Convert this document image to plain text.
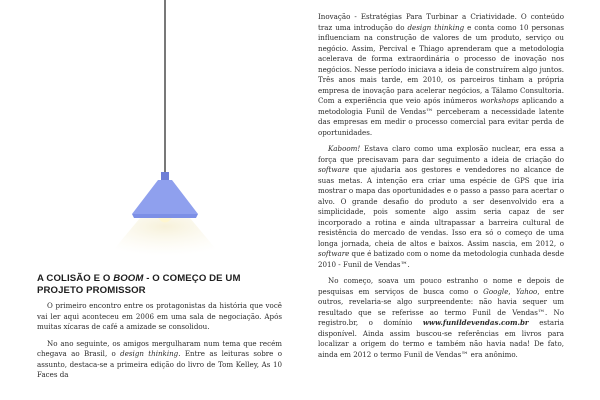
A COLISÃO E O BOOM - O COMEÇO DE UM PROJETO PROMISSOR

O primeiro encontro entre os protagonistas da história que você vai ler aqui aconteceu em 2006 em uma sala de negociação. Após muitas xícaras de café a amizade se consolidou.

No ano seguinte, os amigos mergulharam num tema que recém chegava ao Brasil, o design thinking. Entre as leituras sobre o assunto, destaca-se a primeira edição do livro de Tom Kelley, As 10 Faces da

Inovação - Estratégias Para Turbinar a Criatividade. O conteúdo traz uma introdução do design thinking e conta como 10 personas influenciam na construção de valores de um produto, serviço ou negócio. Assim, Percival e Thiago aprenderam que a metodologia acelerava de forma extraordinária o processo de inovação nos negócios. Nesse período iniciava a ideia de construírem algo juntos. Três anos mais tarde, em 2010, os parceiros tinham a própria empresa de inovação para acelerar negócios, a Tálamo Consultoria. Com a experiência que veio após inúmeros workshops aplicando a metodologia Funil de Vendas™ perceberam a necessidade latente das empresas em medir o processo comercial para evitar perda de oportunidades.

Kaboom! Estava claro como uma explosão nuclear, era essa a força que precisavam para dar seguimento a ideia de criação do software que ajudaria aos gestores e vendedores no alcance de suas metas. A intenção era criar uma espécie de GPS que iria mostrar o mapa das oportunidades e o passo a passo para acertar o alvo. O grande desafio do produto a ser desenvolvido era a simplicidade, pois somente algo assim seria capaz de ser incorporado a rotina e ainda ultrapassar a barreira cultural de resistência do mercado de vendas. Isso era só o começo de uma longa jornada, cheia de altos e baixos. Assim nascia, em 2012, o software que é batizado com o nome da metodologia cunhada desde 2010 - Funil de Vendas™.

No começo, soava um pouco estranho o nome e depois de pesquisas em serviços de busca como o Google, Yahoo, entre outros, revelaria-se algo surpreendente: não havia sequer um resultado que se referisse ao termo Funil de Vendas™. No registro.br, o domínio www.funildevendas.com.br estaria disponível. Ainda assim buscou-se referências em livros para localizar a origem do termo e também não havia nada! De fato, ainda em 2012 o termo Funil de Vendas™ era anônimo.
